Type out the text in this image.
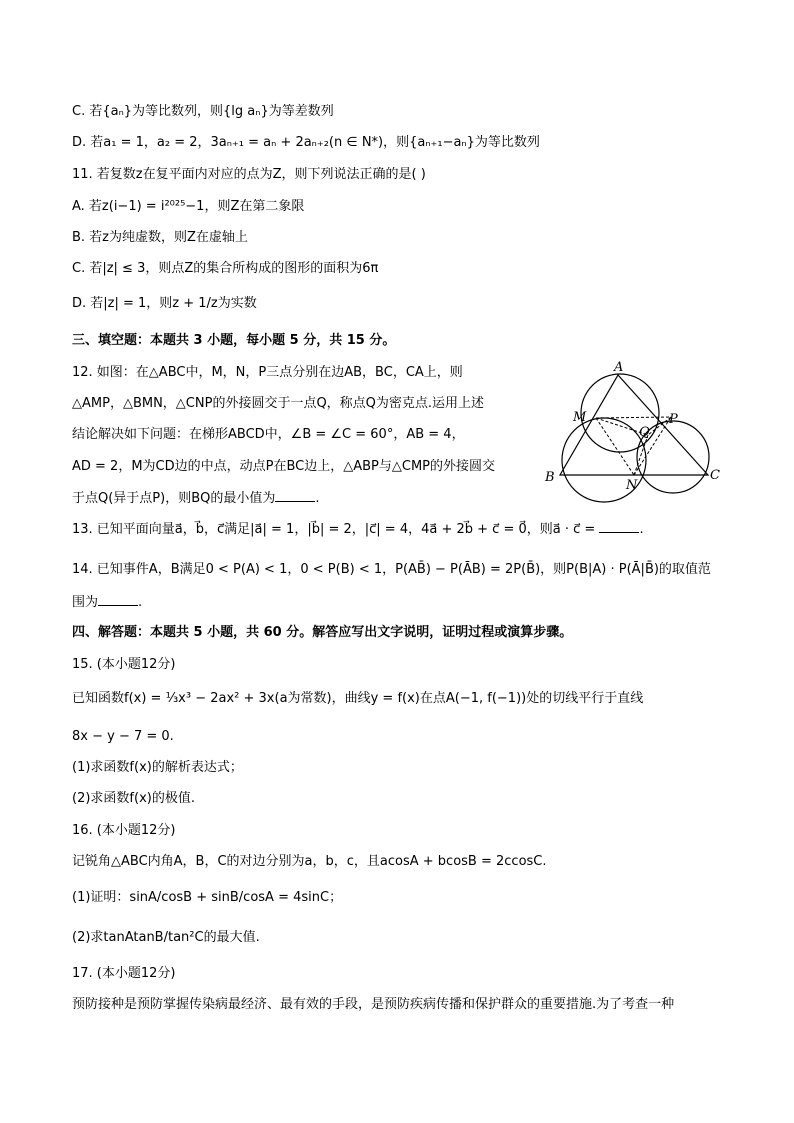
C. 若{aₙ}为等比数列，则{lg aₙ}为等差数列
D. 若a₁ = 1，a₂ = 2，3aₙ₊₁ = aₙ + 2aₙ₊₂(n ∈ N*)，则{aₙ₊₁−aₙ}为等比数列
11. 若复数z在复平面内对应的点为Z，则下列说法正确的是( )
A. 若z(i−1) = i²⁰²⁵−1，则Z在第二象限
B. 若z为纯虚数，则Z在虚轴上
C. 若|z| ≤ 3，则点Z的集合所构成的图形的面积为6π
D. 若|z| = 1，则z + 1/z为实数
三、填空题：本题共 3 小题，每小题 5 分，共 15 分。
12. 如图：在△ABC中，M，N，P三点分别在边AB，BC，CA上，则
△AMP，△BMN，△CNP的外接圆交于一点Q，称点Q为密克点.运用上述
结论解决如下问题：在梯形ABCD中，∠B = ∠C = 60°，AB = 4，
AD = 2，M为CD边的中点，动点P在BC边上，△ABP与△CMP的外接圆交
于点Q(异于点P)，则BQ的最小值为	.
13. 已知平面向量a⃗，b⃗，c⃗满足|a⃗| = 1，|b⃗| = 2，|c⃗| = 4，4a⃗ + 2b⃗ + c⃗ = 0⃗，则a⃗ · c⃗ =	.
14. 已知事件A，B满足0 < P(A) < 1，0 < P(B) < 1，P(AB̄) − P(ĀB) = 2P(B̄)，则P(B|A) · P(Ā|B̄)的取值范
围为	.
四、解答题：本题共 5 小题，共 60 分。解答应写出文字说明，证明过程或演算步骤。
15. (本小题12分)
已知函数f(x) = ⅓x³ − 2ax² + 3x(a为常数)，曲线y = f(x)在点A(−1, f(−1))处的切线平行于直线
8x − y − 7 = 0.
(1)求函数f(x)的解析表达式；
(2)求函数f(x)的极值.
16. (本小题12分)
记锐角△ABC内角A，B，C的对边分别为a，b，c，且acosA + bcosB = 2ccosC.
(1)证明：sinA/cosB + sinB/cosA = 4sinC；
(2)求tanAtanB/tan²C的最大值.
17. (本小题12分)
预防接种是预防掌握传染病最经济、最有效的手段，是预防疾病传播和保护群众的重要措施.为了考查一种
A
M	P
Q
B
N
C
